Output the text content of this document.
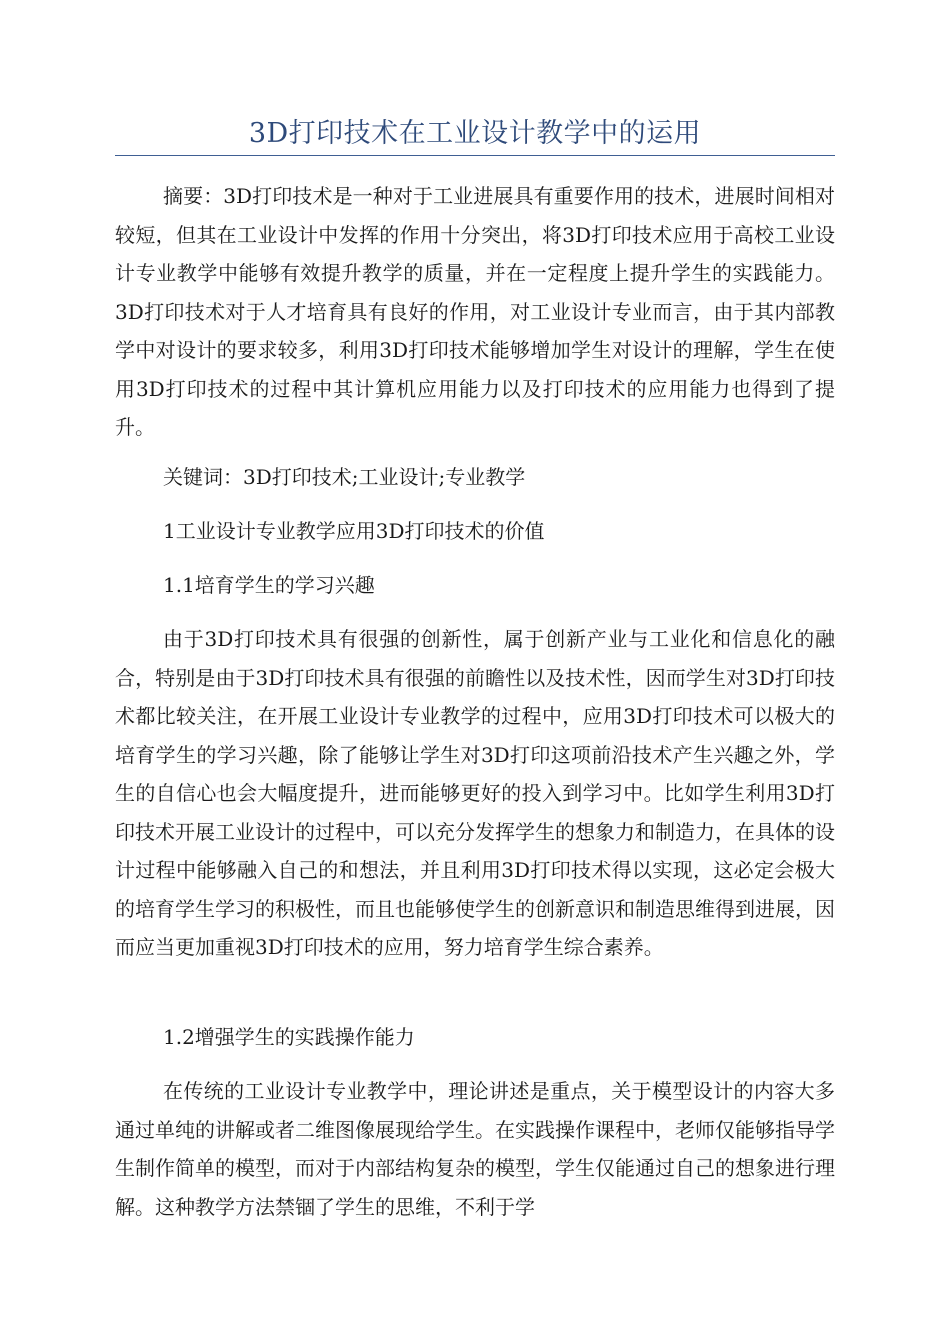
3D打印技术在工业设计教学中的运用

摘要：3D打印技术是一种对于工业进展具有重要作用的技术，进展时间相对较短，但其在工业设计中发挥的作用十分突出，将3D打印技术应用于高校工业设计专业教学中能够有效提升教学的质量，并在一定程度上提升学生的实践能力。3D打印技术对于人才培育具有良好的作用，对工业设计专业而言，由于其内部教学中对设计的要求较多，利用3D打印技术能够增加学生对设计的理解，学生在使用3D打印技术的过程中其计算机应用能力以及打印技术的应用能力也得到了提升。

关键词：3D打印技术;工业设计;专业教学

1工业设计专业教学应用3D打印技术的价值

1.1培育学生的学习兴趣

由于3D打印技术具有很强的创新性，属于创新产业与工业化和信息化的融合，特别是由于3D打印技术具有很强的前瞻性以及技术性，因而学生对3D打印技术都比较关注，在开展工业设计专业教学的过程中，应用3D打印技术可以极大的培育学生的学习兴趣，除了能够让学生对3D打印这项前沿技术产生兴趣之外，学生的自信心也会大幅度提升，进而能够更好的投入到学习中。比如学生利用3D打印技术开展工业设计的过程中，可以充分发挥学生的想象力和制造力，在具体的设计过程中能够融入自己的和想法，并且利用3D打印技术得以实现，这必定会极大的培育学生学习的积极性，而且也能够使学生的创新意识和制造思维得到进展，因而应当更加重视3D打印技术的应用，努力培育学生综合素养。

1.2增强学生的实践操作能力

在传统的工业设计专业教学中，理论讲述是重点，关于模型设计的内容大多通过单纯的讲解或者二维图像展现给学生。在实践操作课程中，老师仅能够指导学生制作简单的模型，而对于内部结构复杂的模型，学生仅能通过自己的想象进行理解。这种教学方法禁锢了学生的思维，不利于学
